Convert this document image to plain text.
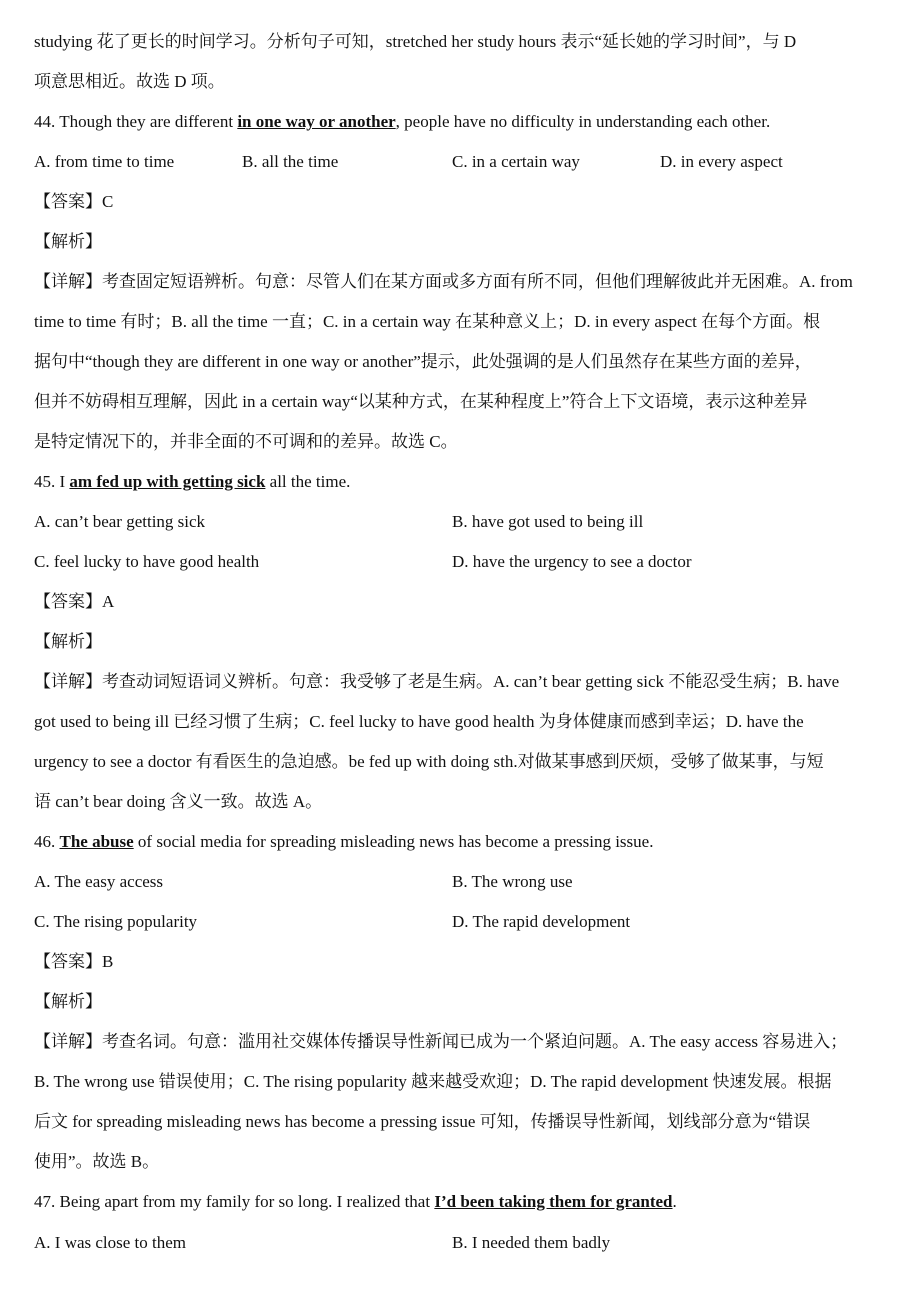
studying 花了更长的时间学习。分析句子可知，stretched her study hours 表示“延长她的学习时间”，与 D
项意思相近。故选 D 项。
44. Though they are different in one way or another, people have no difficulty in understanding each other.
A. from time to time	B. all the time	C. in a certain way	D. in every aspect
【答案】C
【解析】
【详解】考查固定短语辨析。句意：尽管人们在某方面或多方面有所不同，但他们理解彼此并无困难。A. from
time to time 有时；B. all the time 一直；C. in a certain way 在某种意义上；D. in every aspect 在每个方面。根
据句中“though they are different in one way or another”提示，此处强调的是人们虽然存在某些方面的差异，
但并不妨碍相互理解，因此 in a certain way“以某种方式，在某种程度上”符合上下文语境，表示这种差异
是特定情况下的，并非全面的不可调和的差异。故选 C。
45. I am fed up with getting sick all the time.
A. can’t bear getting sick	B. have got used to being ill
C. feel lucky to have good health	D. have the urgency to see a doctor
【答案】A
【解析】
【详解】考查动词短语词义辨析。句意：我受够了老是生病。A. can’t bear getting sick 不能忍受生病；B. have
got used to being ill 已经习惯了生病；C. feel lucky to have good health 为身体健康而感到幸运；D. have the
urgency to see a doctor 有看医生的急迫感。be fed up with doing sth.对做某事感到厌烦，受够了做某事，与短
语 can’t bear doing 含义一致。故选 A。
46. The abuse of social media for spreading misleading news has become a pressing issue.
A. The easy access	B. The wrong use
C. The rising popularity	D. The rapid development
【答案】B
【解析】
【详解】考查名词。句意：滥用社交媒体传播误导性新闻已成为一个紧迫问题。A. The easy access 容易进入；
B. The wrong use 错误使用；C. The rising popularity 越来越受欢迎；D. The rapid development 快速发展。根据
后文 for spreading misleading news has become a pressing issue 可知，传播误导性新闻，划线部分意为“错误
使用”。故选 B。
47. Being apart from my family for so long. I realized that I’d been taking them for granted.
A. I was close to them	B. I needed them badly
